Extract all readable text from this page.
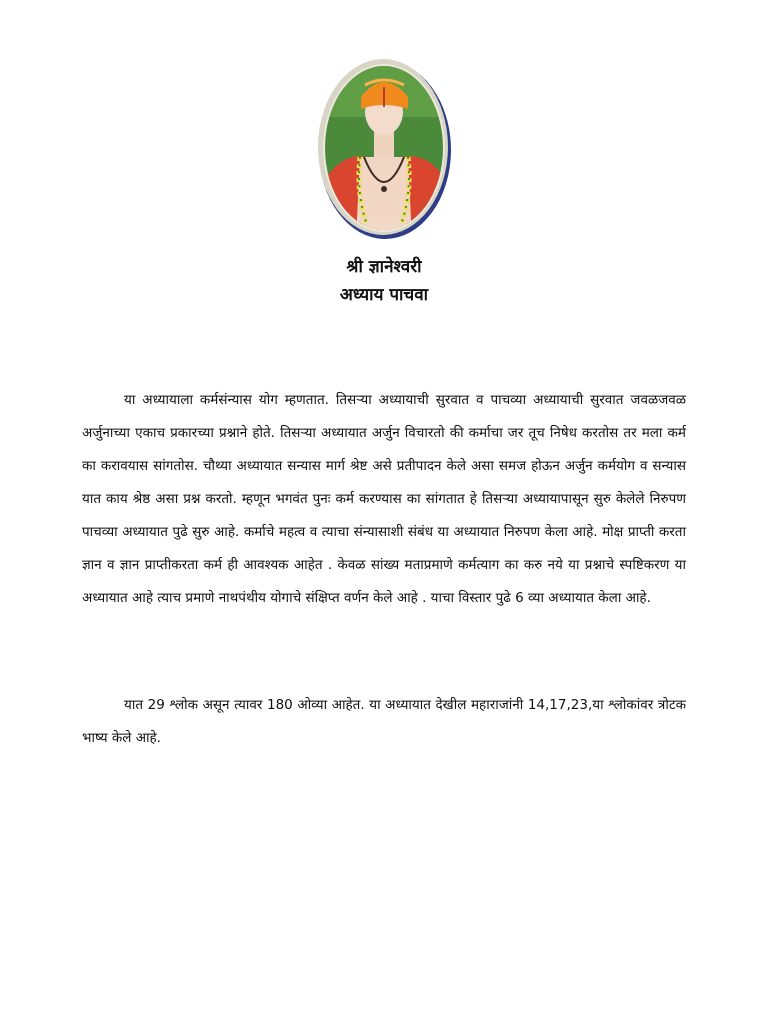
श्री ज्ञानेश्वरी
अध्याय पाचवा

या अध्यायाला कर्मसंन्यास योग म्हणतात. तिसऱ्या अध्यायाची सुरवात व पाचव्या अध्यायाची सुरवात जवळजवळ अर्जुनाच्या एकाच प्रकारच्या प्रश्नाने होते. तिसऱ्या अध्यायात अर्जुन विचारतो की कर्माचा जर तूच निषेध करतोस तर मला कर्म का करावयास सांगतोस. चौथ्या अध्यायात सन्यास मार्ग श्रेष्ट असे प्रतीपादन केले असा समज होऊन अर्जुन कर्मयोग व सन्यास यात काय श्रेष्ठ असा प्रश्न करतो. म्हणून भगवंत पुनः कर्म करण्यास का सांगतात हे तिसऱ्या अध्यायापासून सुरु केलेले निरुपण पाचव्या अध्यायात पुढे सुरु आहे. कर्माचे महत्व व त्याचा संन्यासाशी संबंध या अध्यायात निरुपण केला आहे. मोक्ष प्राप्ती करता ज्ञान व ज्ञान प्राप्तीकरता कर्म ही आवश्यक आहेत . केवळ सांख्य मताप्रमाणे कर्मत्याग का करु नये या प्रश्नाचे स्पष्टिकरण या अध्यायात आहे त्याच प्रमाणे नाथपंथीय योगाचे संक्षिप्त वर्णन केले आहे . याचा विस्तार पुढे 6 व्या अध्यायात केला आहे.

यात 29 श्लोक असून त्यावर 180 ओव्या आहेत. या अध्यायात देखील महाराजांनी 14,17,23,या श्लोकांवर त्रोटक भाष्य केले आहे.
